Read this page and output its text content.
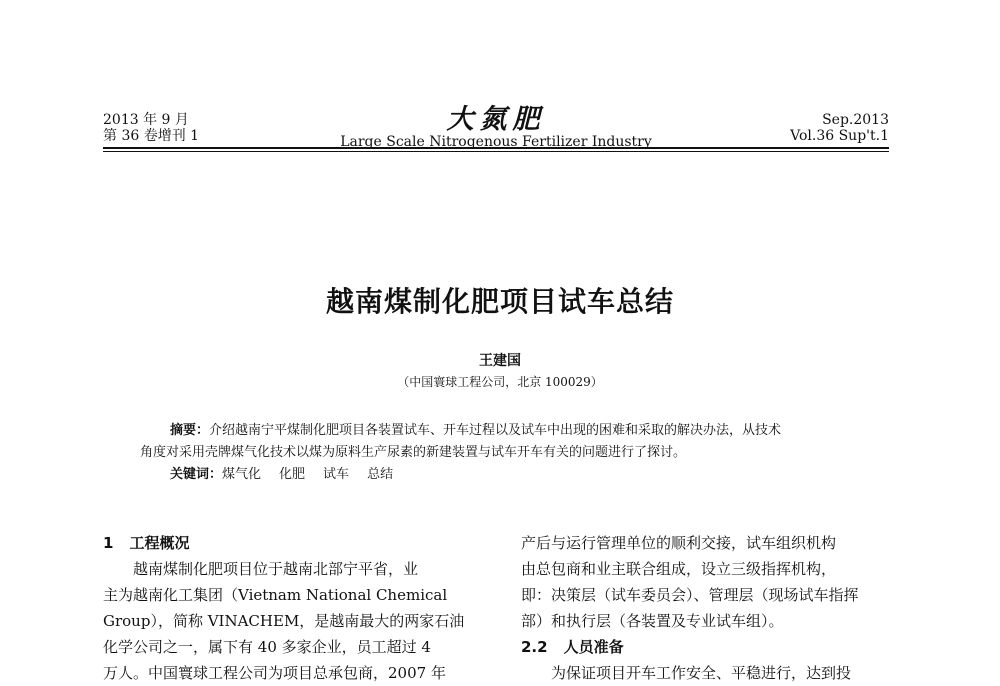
2013 年 9 月
第 36 卷增刊 1
大氮肥
Large Scale Nitrogenous Fertilizer Industry
Sep.2013
Vol.36 Sup't.1
越南煤制化肥项目试车总结
王建国
（中国寰球工程公司，北京 100029）

摘要：介绍越南宁平煤制化肥项目各装置试车、开车过程以及试车中出现的困难和采取的解决办法，从技术

角度对采用壳牌煤气化技术以煤为原料生产尿素的新建装置与试车开车有关的问题进行了探讨。

关键词：煤气化 化肥 试车 总结

1 工程概况

越南煤制化肥项目位于越南北部宁平省，业

主为越南化工集团（Vietnam National Chemical

Group），简称 VINACHEM，是越南最大的两家石油

化学公司之一，属下有 40 多家企业，员工超过 4

万人。中国寰球工程公司为项目总承包商，2007 年

产后与运行管理单位的顺利交接，试车组织机构

由总包商和业主联合组成，设立三级指挥机构，

即：决策层（试车委员会）、管理层（现场试车指挥

部）和执行层（各装置及专业试车组）。

2.2 人员准备

为保证项目开车工作安全、平稳进行，达到投
